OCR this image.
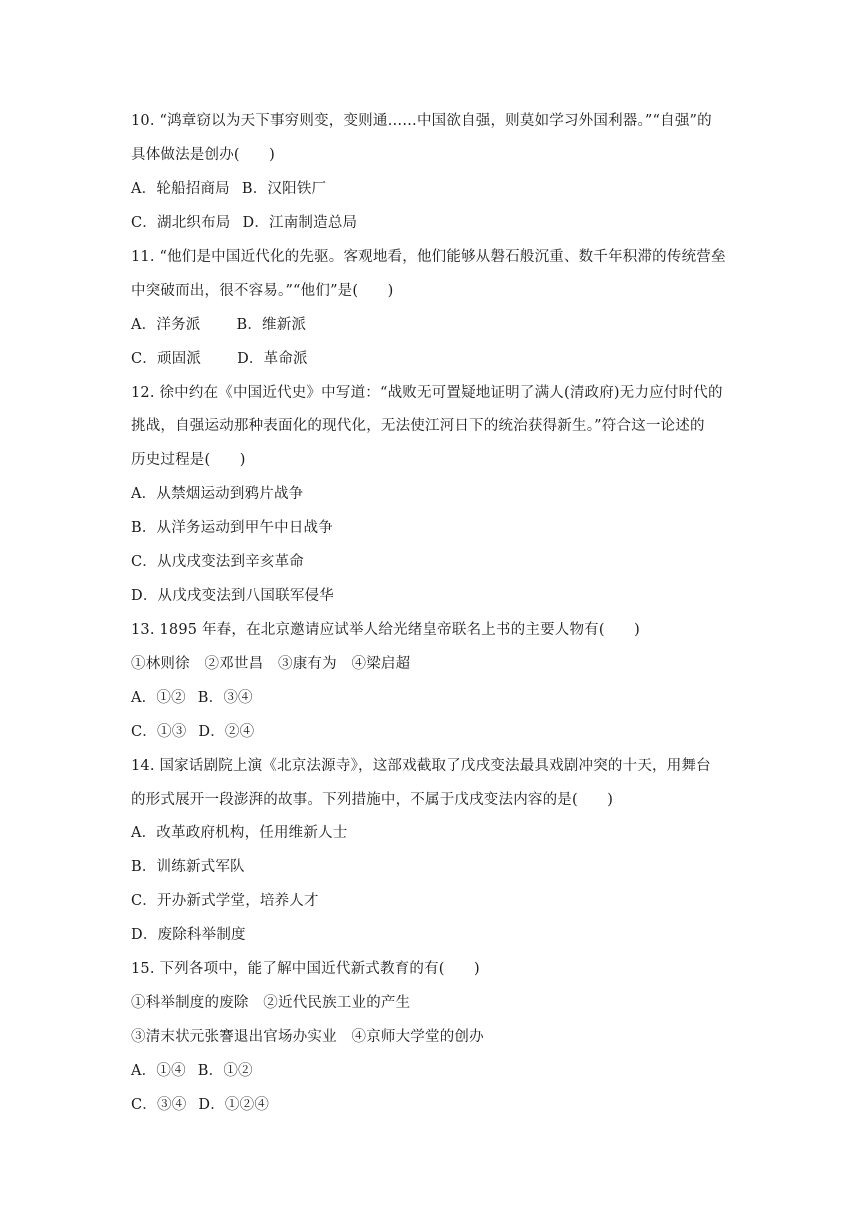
10. “鸿章窃以为天下事穷则变，变则通……中国欲自强，则莫如学习外国利器。”“自强”的
具体做法是创办(　　)
A．轮船招商局 B．汉阳铁厂
C．湖北织布局 D．江南制造总局
11. “他们是中国近代化的先驱。客观地看，他们能够从磐石般沉重、数千年积滞的传统营垒
中突破而出，很不容易。”“他们”是(　　)
A．洋务派 B．维新派
C．顽固派 D．革命派
12. 徐中约在《中国近代史》中写道：“战败无可置疑地证明了满人(清政府)无力应付时代的
挑战，自强运动那种表面化的现代化，无法使江河日下的统治获得新生。”符合这一论述的
历史过程是(　　)
A．从禁烟运动到鸦片战争
B．从洋务运动到甲午中日战争
C．从戊戌变法到辛亥革命
D．从戊戌变法到八国联军侵华
13. 1895 年春，在北京邀请应试举人给光绪皇帝联名上书的主要人物有(　　)
①林则徐　②邓世昌　③康有为　④梁启超
A．①② B．③④
C．①③ D．②④
14. 国家话剧院上演《北京法源寺》，这部戏截取了戊戌变法最具戏剧冲突的十天，用舞台
的形式展开一段澎湃的故事。下列措施中，不属于戊戌变法内容的是(　　)
A．改革政府机构，任用维新人士
B．训练新式军队
C．开办新式学堂，培养人才
D．废除科举制度
15. 下列各项中，能了解中国近代新式教育的有(　　)
①科举制度的废除　②近代民族工业的产生
③清末状元张謇退出官场办实业　④京师大学堂的创办
A．①④ B．①②
C．③④ D．①②④
